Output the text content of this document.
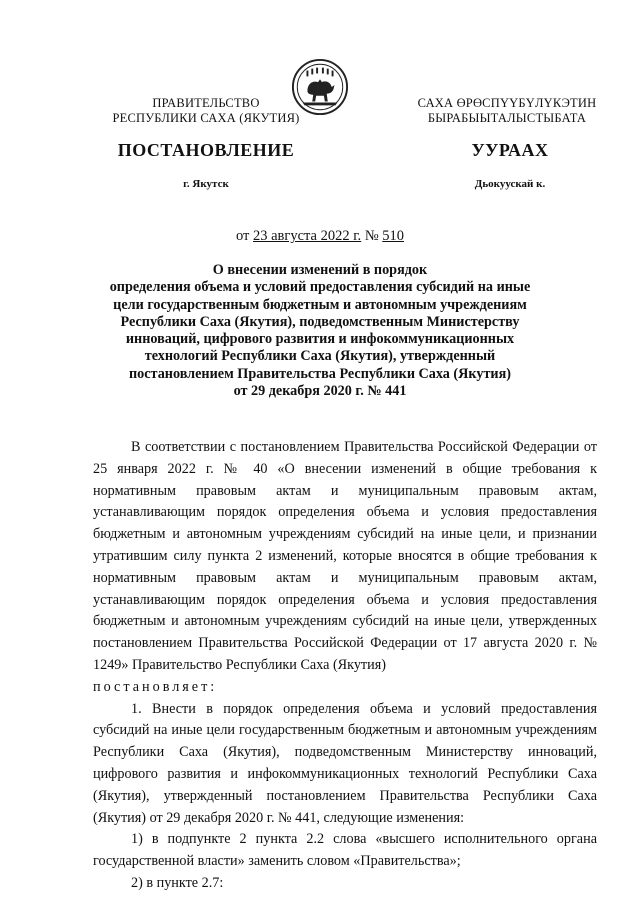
ПРАВИТЕЛЬСТВО
РЕСПУБЛИКИ САХА (ЯКУТИЯ)
САХА ӨРӨСПҮҮБҮЛҮКЭТИН
БЫРАБЫЫТАЛЫСТЫБАТА
ПОСТАНОВЛЕНИЕ	УУРААХ
г. Якутск	Дьокуускай к.
от 23 августа 2022 г. № 510
О внесении изменений в порядок
определения объема и условий предоставления субсидий на иные
цели государственным бюджетным и автономным учреждениям
Республики Саха (Якутия), подведомственным Министерству
инноваций, цифрового развития и инфокоммуникационных
технологий Республики Саха (Якутия), утвержденный
постановлением Правительства Республики Саха (Якутия)
от 29 декабря 2020 г. № 441

В соответствии с постановлением Правительства Российской Федерации от 25 января 2022 г. № 40 «О внесении изменений в общие требования к нормативным правовым актам и муниципальным правовым актам, устанавливающим порядок определения объема и условия предоставления бюджетным и автономным учреждениям субсидий на иные цели, и признании утратившим силу пункта 2 изменений, которые вносятся в общие требования к нормативным правовым актам и муниципальным правовым актам, устанавливающим порядок определения объема и условия предоставления бюджетным и автономным учреждениям субсидий на иные цели, утвержденных постановлением Правительства Российской Федерации от 17 августа 2020 г. № 1249» Правительство Республики Саха (Якутия)

постановляет:

1. Внести в порядок определения объема и условий предоставления субсидий на иные цели государственным бюджетным и автономным учреждениям Республики Саха (Якутия), подведомственным Министерству инноваций, цифрового развития и инфокоммуникационных технологий Республики Саха (Якутия), утвержденный постановлением Правительства Республики Саха (Якутия) от 29 декабря 2020 г. № 441, следующие изменения:

1) в подпункте 2 пункта 2.2 слова «высшего исполнительного органа государственной власти» заменить словом «Правительства»;

2) в пункте 2.7:
